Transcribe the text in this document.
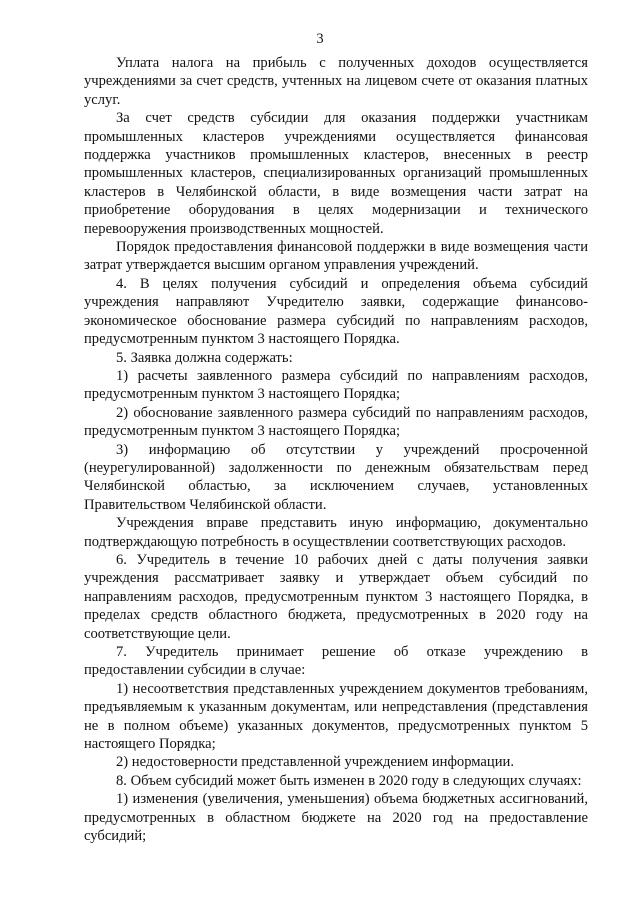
3

Уплата налога на прибыль с полученных доходов осуществляется учреждениями за счет средств, учтенных на лицевом счете от оказания платных услуг.

За счет средств субсидии для оказания поддержки участникам промышленных кластеров учреждениями осуществляется финансовая поддержка участников промышленных кластеров, внесенных в реестр промышленных кластеров, специализированных организаций промышленных кластеров в Челябинской области, в виде возмещения части затрат на приобретение оборудования в целях модернизации и технического перевооружения производственных мощностей.

Порядок предоставления финансовой поддержки в виде возмещения части затрат утверждается высшим органом управления учреждений.

4. В целях получения субсидий и определения объема субсидий учреждения направляют Учредителю заявки, содержащие финансово-экономическое обоснование размера субсидий по направлениям расходов, предусмотренным пунктом 3 настоящего Порядка.

5. Заявка должна содержать:

1) расчеты заявленного размера субсидий по направлениям расходов, предусмотренным пунктом 3 настоящего Порядка;

2) обоснование заявленного размера субсидий по направлениям расходов, предусмотренным пунктом 3 настоящего Порядка;

3) информацию об отсутствии у учреждений просроченной (неурегулированной) задолженности по денежным обязательствам перед Челябинской областью, за исключением случаев, установленных Правительством Челябинской области.

Учреждения вправе представить иную информацию, документально подтверждающую потребность в осуществлении соответствующих расходов.

6. Учредитель в течение 10 рабочих дней с даты получения заявки учреждения рассматривает заявку и утверждает объем субсидий по направлениям расходов, предусмотренным пунктом 3 настоящего Порядка, в пределах средств областного бюджета, предусмотренных в 2020 году на соответствующие цели.

7. Учредитель принимает решение об отказе учреждению в предоставлении субсидии в случае:

1) несоответствия представленных учреждением документов требованиям, предъявляемым к указанным документам, или непредставления (представления не в полном объеме) указанных документов, предусмотренных пунктом 5 настоящего Порядка;

2) недостоверности представленной учреждением информации.

8. Объем субсидий может быть изменен в 2020 году в следующих случаях:

1) изменения (увеличения, уменьшения) объема бюджетных ассигнований, предусмотренных в областном бюджете на 2020 год на предоставление субсидий;
